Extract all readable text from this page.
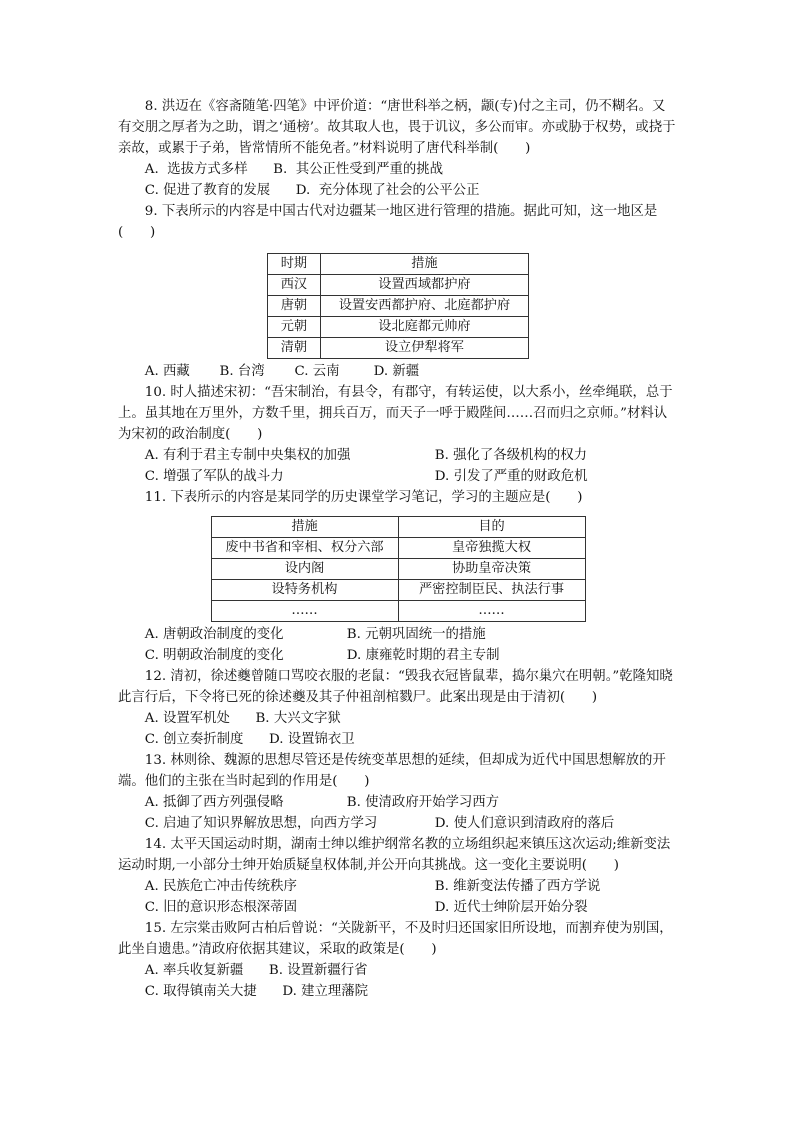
8. 洪迈在《容斋随笔·四笔》中评价道：“唐世科举之柄，颛(专)付之主司，仍不糊名。又有交朋之厚者为之助，谓之‘通榜’。故其取人也，畏于讥议，多公而审。亦或胁于权势，或挠于亲故，或累于子弟，皆常情所不能免者。”材料说明了唐代科举制(　　)

A.  选拔方式多样      B.  其公正性受到严重的挑战

C. 促进了教育的发展      D.  充分体现了社会的公平公正

9. 下表所示的内容是中国古代对边疆某一地区进行管理的措施。据此可知，这一地区是(　　)

时期	措施
西汉	设置西域都护府
唐朝	设置安西都护府、北庭都护府
元朝	设北庭都元帅府
清朝	设立伊犁将军

A. 西藏       B. 台湾       C. 云南        D. 新疆

10. 时人描述宋初：“吾宋制治，有县令，有郡守，有转运使，以大系小，丝牵绳联，总于上。虽其地在万里外，方数千里，拥兵百万，而天子一呼于殿陛间……召而归之京师。”材料认为宋初的政治制度(　　)

A. 有利于君主专制中央集权的加强	B. 强化了各级机构的权力
C. 增强了军队的战斗力	D. 引发了严重的财政危机

11. 下表所示的内容是某同学的历史课堂学习笔记，学习的主题应是(　　)

措施	目的
废中书省和宰相、权分六部	皇帝独揽大权
设内阁	协助皇帝决策
设特务机构	严密控制臣民、执法行事
……	……
A. 唐朝政治制度的变化	B. 元朝巩固统一的措施
C. 明朝政治制度的变化	D. 康雍乾时期的君主专制

12. 清初，徐述夔曾随口骂咬衣服的老鼠：“毁我衣冠皆鼠辈，捣尔巢穴在明朝。”乾隆知晓此言行后，下令将已死的徐述夔及其子仲祖剖棺戮尸。此案出现是由于清初(　　)

A. 设置军机处      B. 大兴文字狱

C. 创立奏折制度      D. 设置锦衣卫

13. 林则徐、魏源的思想尽管还是传统变革思想的延续，但却成为近代中国思想解放的开端。他们的主张在当时起到的作用是(　　)

A. 抵御了西方列强侵略	B. 使清政府开始学习西方
C. 启迪了知识界解放思想，向西方学习	D. 使人们意识到清政府的落后

14. 太平天国运动时期，湖南士绅以维护纲常名教的立场组织起来镇压这次运动;维新变法运动时期,一小部分士绅开始质疑皇权体制,并公开向其挑战。这一变化主要说明(　　)

A. 民族危亡冲击传统秩序	B. 维新变法传播了西方学说
C. 旧的意识形态根深蒂固	D. 近代士绅阶层开始分裂

15. 左宗棠击败阿古柏后曾说：“关陇新平，不及时归还国家旧所设地，而割弃使为别国，此坐自遗患。”清政府依据其建议，采取的政策是(　　)

A. 率兵收复新疆      B. 设置新疆行省

C. 取得镇南关大捷      D. 建立理藩院
